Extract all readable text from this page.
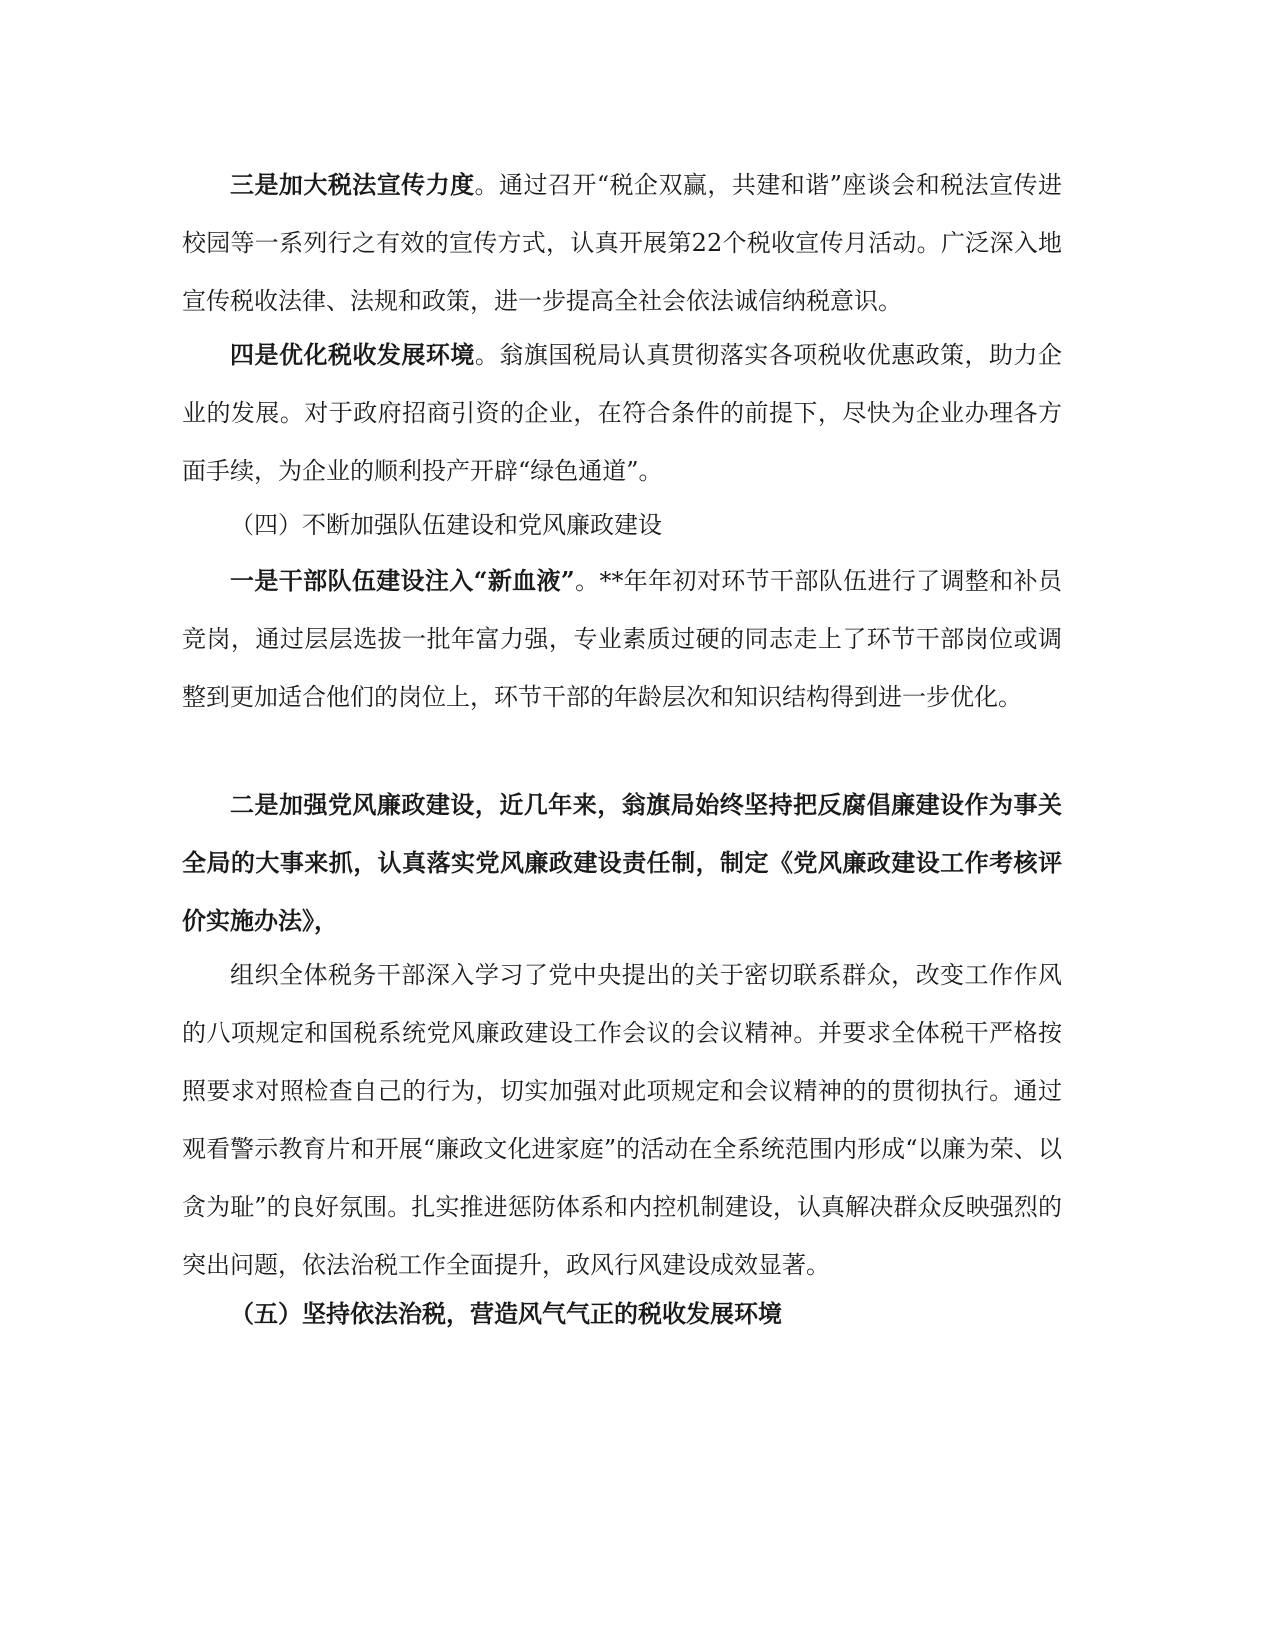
三是加大税法宣传力度。通过召开“税企双赢，共建和谐”座谈会和税法宣传进校园等一系列行之有效的宣传方式，认真开展第22个税收宣传月活动。广泛深入地宣传税收法律、法规和政策，进一步提高全社会依法诚信纳税意识。

四是优化税收发展环境。翁旗国税局认真贯彻落实各项税收优惠政策，助力企业的发展。对于政府招商引资的企业，在符合条件的前提下，尽快为企业办理各方面手续，为企业的顺利投产开辟“绿色通道”。

（四）不断加强队伍建设和党风廉政建设

一是干部队伍建设注入“新血液”。**年年初对环节干部队伍进行了调整和补员竞岗，通过层层选拔一批年富力强，专业素质过硬的同志走上了环节干部岗位或调整到更加适合他们的岗位上，环节干部的年龄层次和知识结构得到进一步优化。

二是加强党风廉政建设，近几年来，翁旗局始终坚持把反腐倡廉建设作为事关全局的大事来抓，认真落实党风廉政建设责任制，制定《党风廉政建设工作考核评价实施办法》，

组织全体税务干部深入学习了党中央提出的关于密切联系群众，改变工作作风的八项规定和国税系统党风廉政建设工作会议的会议精神。并要求全体税干严格按照要求对照检查自己的行为，切实加强对此项规定和会议精神的的贯彻执行。通过观看警示教育片和开展“廉政文化进家庭”的活动在全系统范围内形成“以廉为荣、以贪为耻”的良好氛围。扎实推进惩防体系和内控机制建设，认真解决群众反映强烈的突出问题，依法治税工作全面提升，政风行风建设成效显著。

（五）坚持依法治税，营造风气气正的税收发展环境
